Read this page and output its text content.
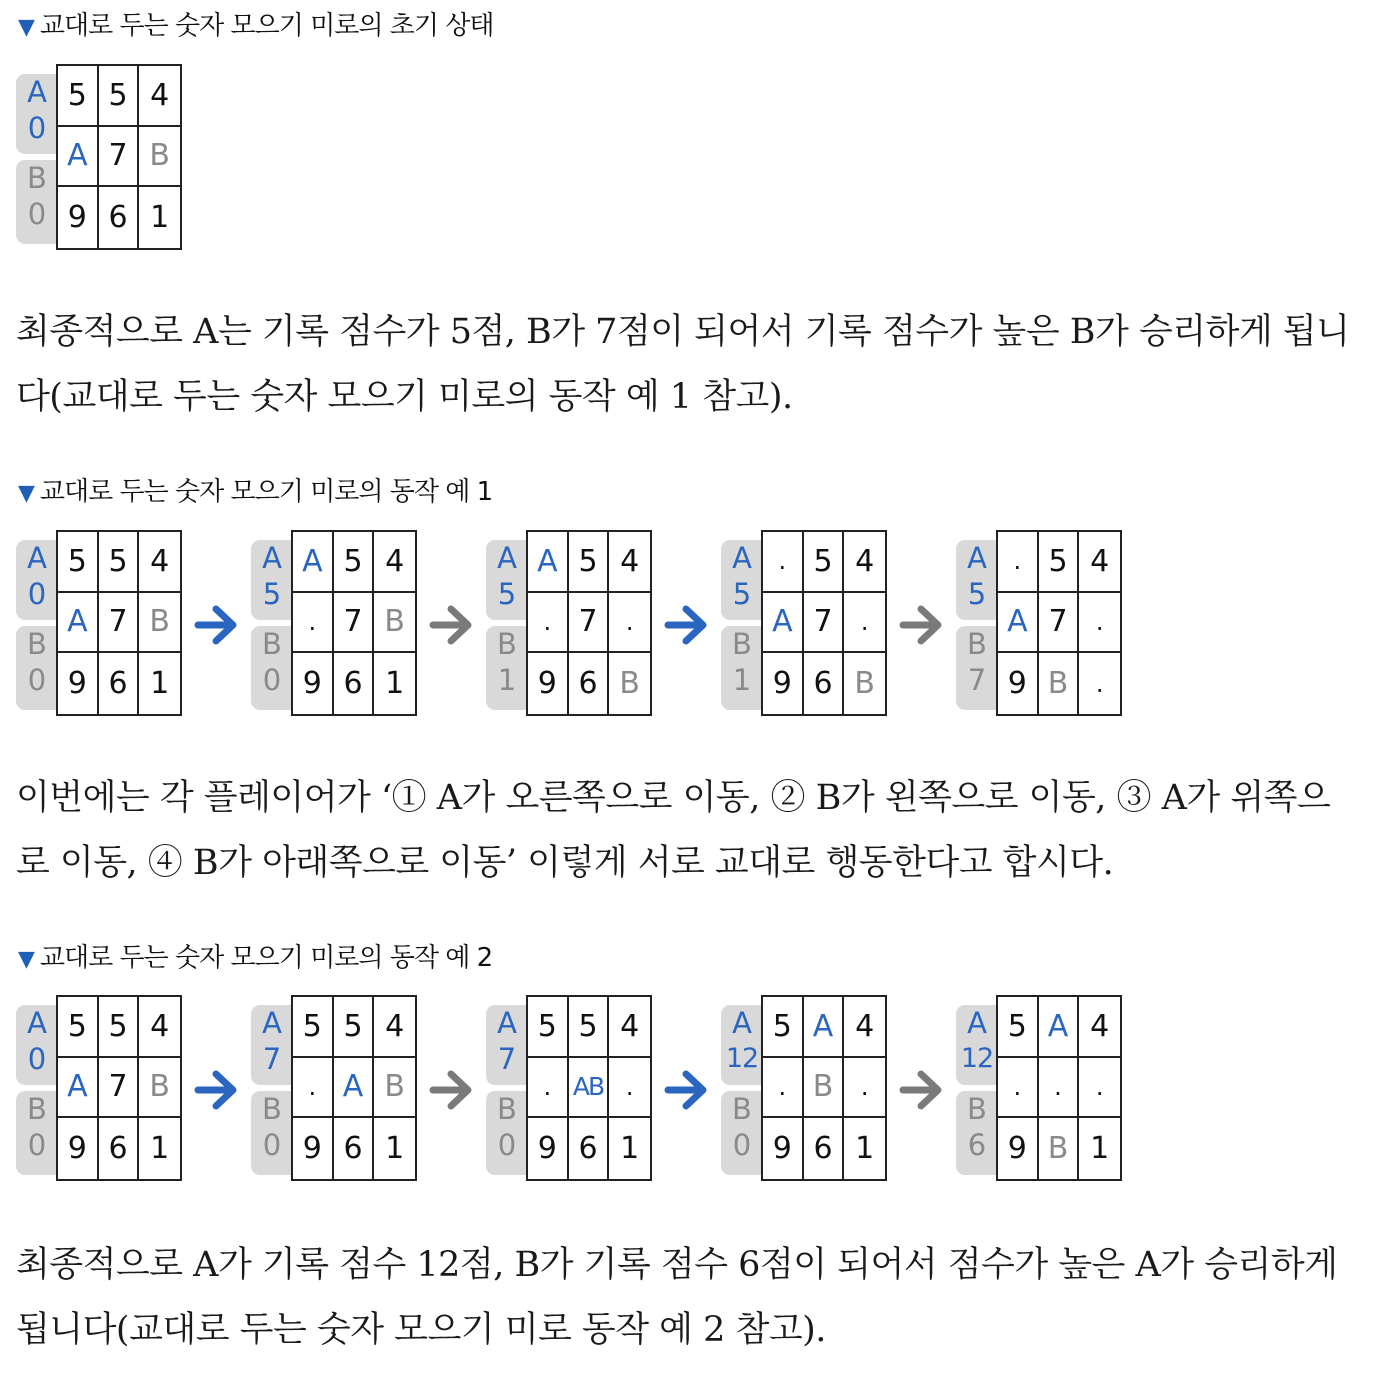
▼ 교대로 두는 숫자 모으기 미로의 초기 상태
A
0
B
0
5 5 4
A 7 B
9 6 1

최종적으로 A는 기록 점수가 5점, B가 7점이 되어서 기록 점수가 높은 B가 승리하게 됩니다(교대로 두는 숫자 모으기 미로의 동작 예 1 참고).

▼ 교대로 두는 숫자 모으기 미로의 동작 예 1
A
0
B
0
5 5 4
A 7 B
9 6 1
A
5
B
0
A 5 4
. 7 B
9 6 1
A
5
B
1
A 5 4
. 7	.
9 6 B
A
5
B
1
. 5 4
A 7	.
9 6 B
A
5
B
7
. 5 4
A 7	.
9 B	.

이번에는 각 플레이어가 ‘① A가 오른쪽으로 이동, ② B가 왼쪽으로 이동, ③ A가 위쪽으로 이동, ④ B가 아래쪽으로 이동’ 이렇게 서로 교대로 행동한다고 합시다.

▼ 교대로 두는 숫자 모으기 미로의 동작 예 2
A
0
B
0
5 5 4
A 7 B
9 6 1
A
7
B
0
5 5 4
. A B
9 6 1
A
7
B
0
5 5 4
. AB .
9 6 1
A
12
B
0
5 A 4
. B	.
9 6 1
A
12
B
6
5 A 4
.	.	.
9 B 1

최종적으로 A가 기록 점수 12점, B가 기록 점수 6점이 되어서 점수가 높은 A가 승리하게 됩니다(교대로 두는 숫자 모으기 미로 동작 예 2 참고).
